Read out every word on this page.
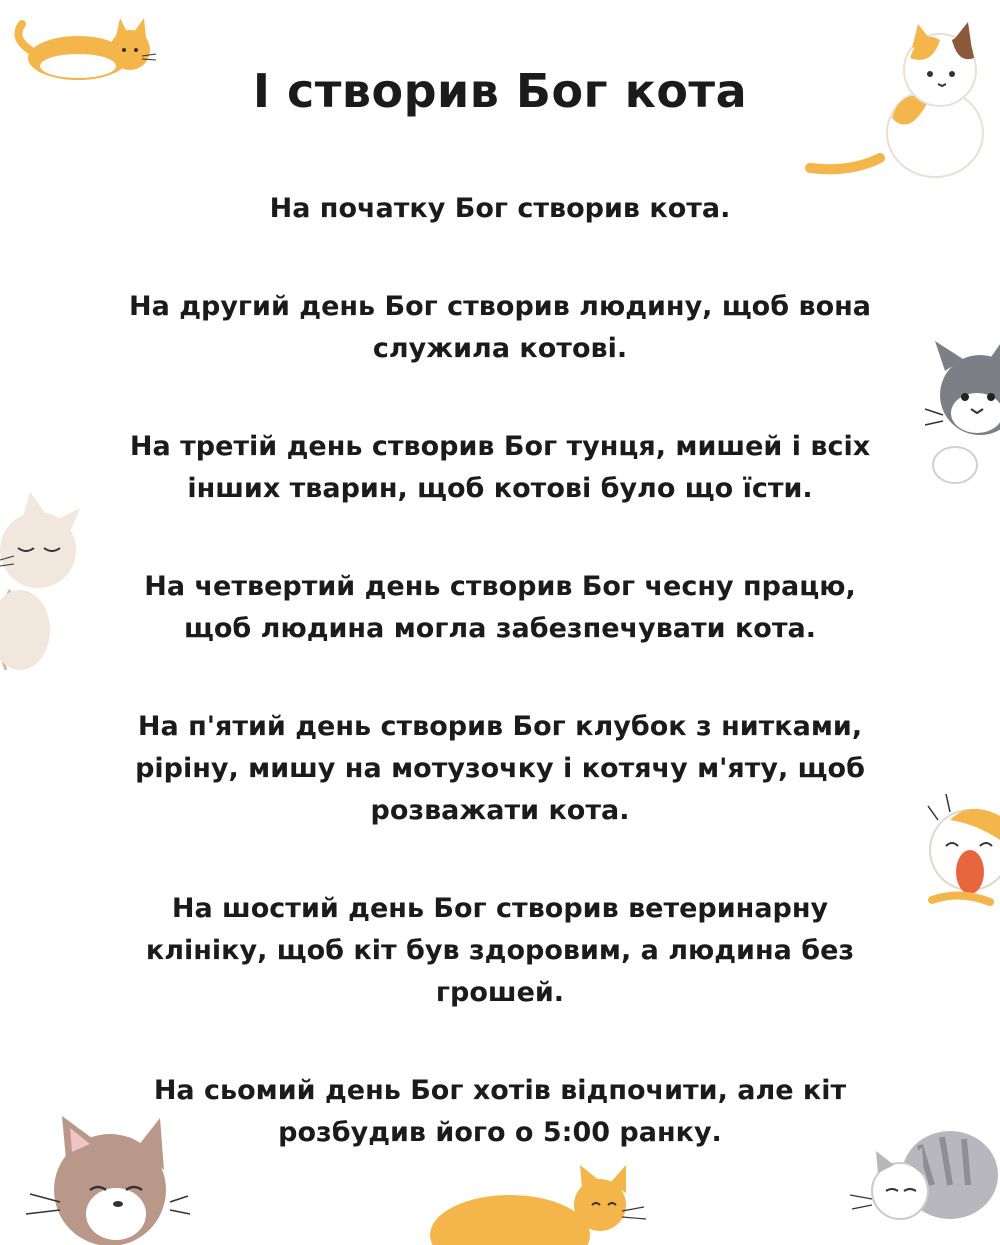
І створив Бог кота

На початку Бог створив кота.

На другий день Бог створив людину, щоб вона
служила котові.

На третій день створив Бог тунця, мишей і всіх
інших тварин, щоб котові було що їсти.

На четвертий день створив Бог чесну працю,
щоб людина могла забезпечувати кота.

На п'ятий день створив Бог клубок з нитками,
pіріну, мишу на мотузочку і котячу м'яту, щоб
розважати кота.

На шостий день Бог створив ветеринарну
клініку, щоб кіт був здоровим, а людина без
грошей.

На сьомий день Бог хотів відпочити, але кіт
розбудив його о 5:00 ранку.
